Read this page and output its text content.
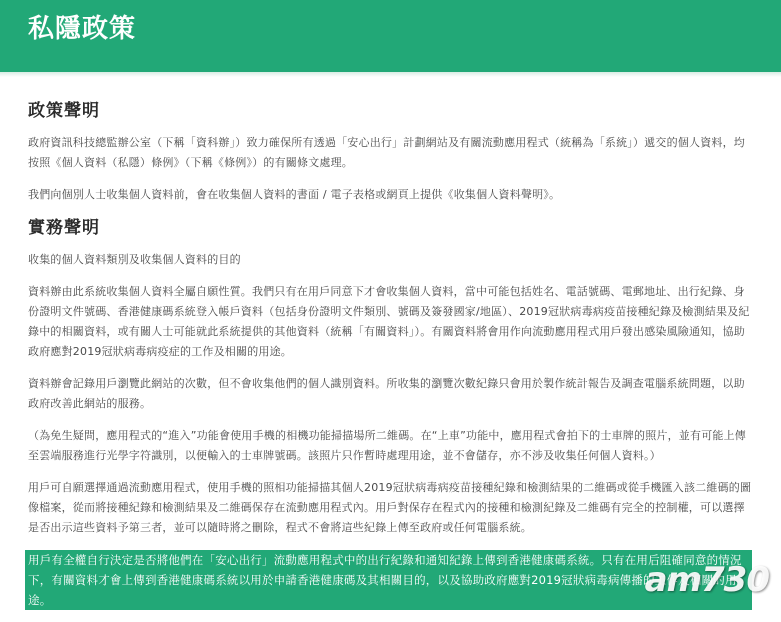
私隱政策
政策聲明

政府資訊科技總監辦公室（下稱「資科辦」）致力確保所有透過「安心出行」計劃網站及有關流動應用程式（統稱為「系統」）遞交的個人資料，均按照《個人資料（私隱）條例》（下稱《條例》）的有關條文處理。

我們向個別人士收集個人資料前，會在收集個人資料的書面 / 電子表格或網頁上提供《收集個人資料聲明》。

實務聲明

收集的個人資料類別及收集個人資料的目的

資料辦由此系統收集個人資料全屬自願性質。我們只有在用戶同意下才會收集個人資料，當中可能包括姓名、電話號碼、電郵地址、出行紀錄、身份證明文件號碼、香港健康碼系統登入帳戶資料（包括身份證明文件類別、號碼及簽發國家/地區）、2019冠狀病毒病疫苗接種紀錄及檢測結果及紀錄中的相關資料，或有關人士可能就此系統提供的其他資料（統稱「有關資料」）。有關資料將會用作向流動應用程式用戶發出感染風險通知，協助政府應對2019冠狀病毒病疫症的工作及相關的用途。

資料辦會記錄用戶瀏覽此網站的次數，但不會收集他們的個人識別資料。所收集的瀏覽次數紀錄只會用於製作統計報告及調查電腦系統問題，以助政府改善此網站的服務。

（為免生疑問，應用程式的“進入”功能會使用手機的相機功能掃描場所二維碼。在“上車”功能中，應用程式會拍下的士車牌的照片，並有可能上傳至雲端服務進行光學字符識別，以便輸入的士車牌號碼。該照片只作暫時處理用途，並不會儲存，亦不涉及收集任何個人資料。）

用戶可自願選擇通過流動應用程式，使用手機的照相功能掃描其個人2019冠狀病毒病疫苗接種紀錄和檢測結果的二維碼或從手機匯入該二維碼的圖像檔案，從而將接種紀錄和檢測結果及二維碼保存在流動應用程式內。用戶對保存在程式內的接種和檢測紀錄及二維碼有完全的控制權，可以選擇是否出示這些資料予第三者，並可以隨時將之刪除，程式不會將這些紀錄上傳至政府或任何電腦系統。

用戶有全權自行決定是否將他們在「安心出行」流動應用程式中的出行紀錄和通知紀錄上傳到香港健康碼系統。只有在用后阻確同意的情況下，有關資料才會上傳到香港健康碼系統以用於申請香港健康碼及其相關目的，以及協助政府應對2019冠狀病毒病傳播的工作及相關的用途。	am730
